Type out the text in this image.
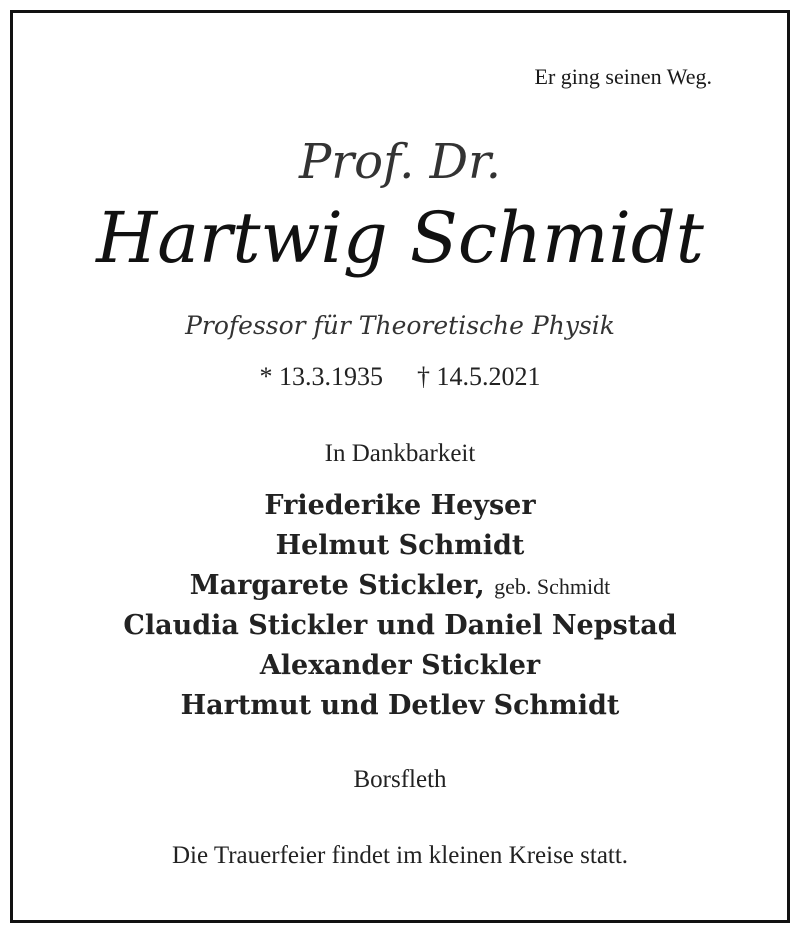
Er ging seinen Weg.
Prof. Dr.
Hartwig Schmidt
Professor für Theoretische Physik
* 13.3.1935 † 14.5.2021
In Dankbarkeit
Friederike Heyser
Helmut Schmidt
Margarete Stickler, geb. Schmidt
Claudia Stickler und Daniel Nepstad
Alexander Stickler
Hartmut und Detlev Schmidt
Borsfleth
Die Trauerfeier findet im kleinen Kreise statt.
